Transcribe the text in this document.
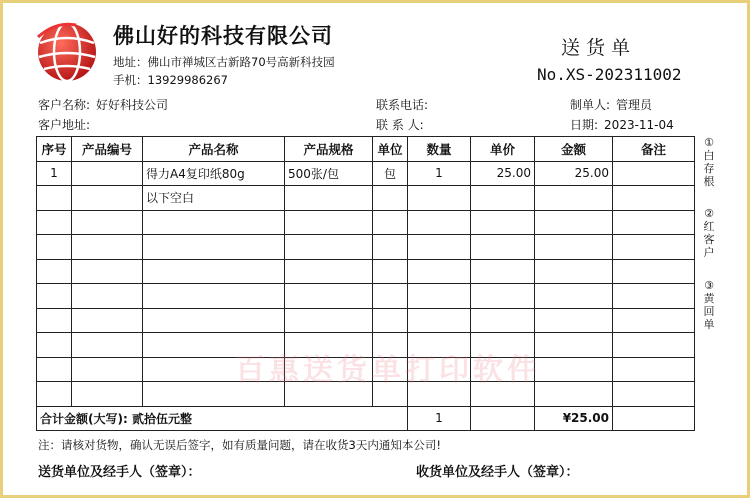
佛山好的科技有限公司
地址：佛山市禅城区古新路70号高新科技园
手机：13929986267
送货单
No.XS-202311002
客户名称: 好好科技公司
客户地址:
联系电话:
联 系 人:
制单人: 管理员
日期: 2023-11-04
序号	产品编号	产品名称	产品规格	单位	数量	单价	金额	备注
1		得力A4复印纸80g	500张/包	包	1	25.00	25.00	
		以下空白						

合计金额(大写): 贰拾伍元整					1		¥25.00	
①白存根
②红客户
③黄回单
百惠送货单打印软件
注：请核对货物，确认无误后签字，如有质量问题，请在收货3天内通知本公司!
送货单位及经手人（签章）：	收货单位及经手人（签章）：
